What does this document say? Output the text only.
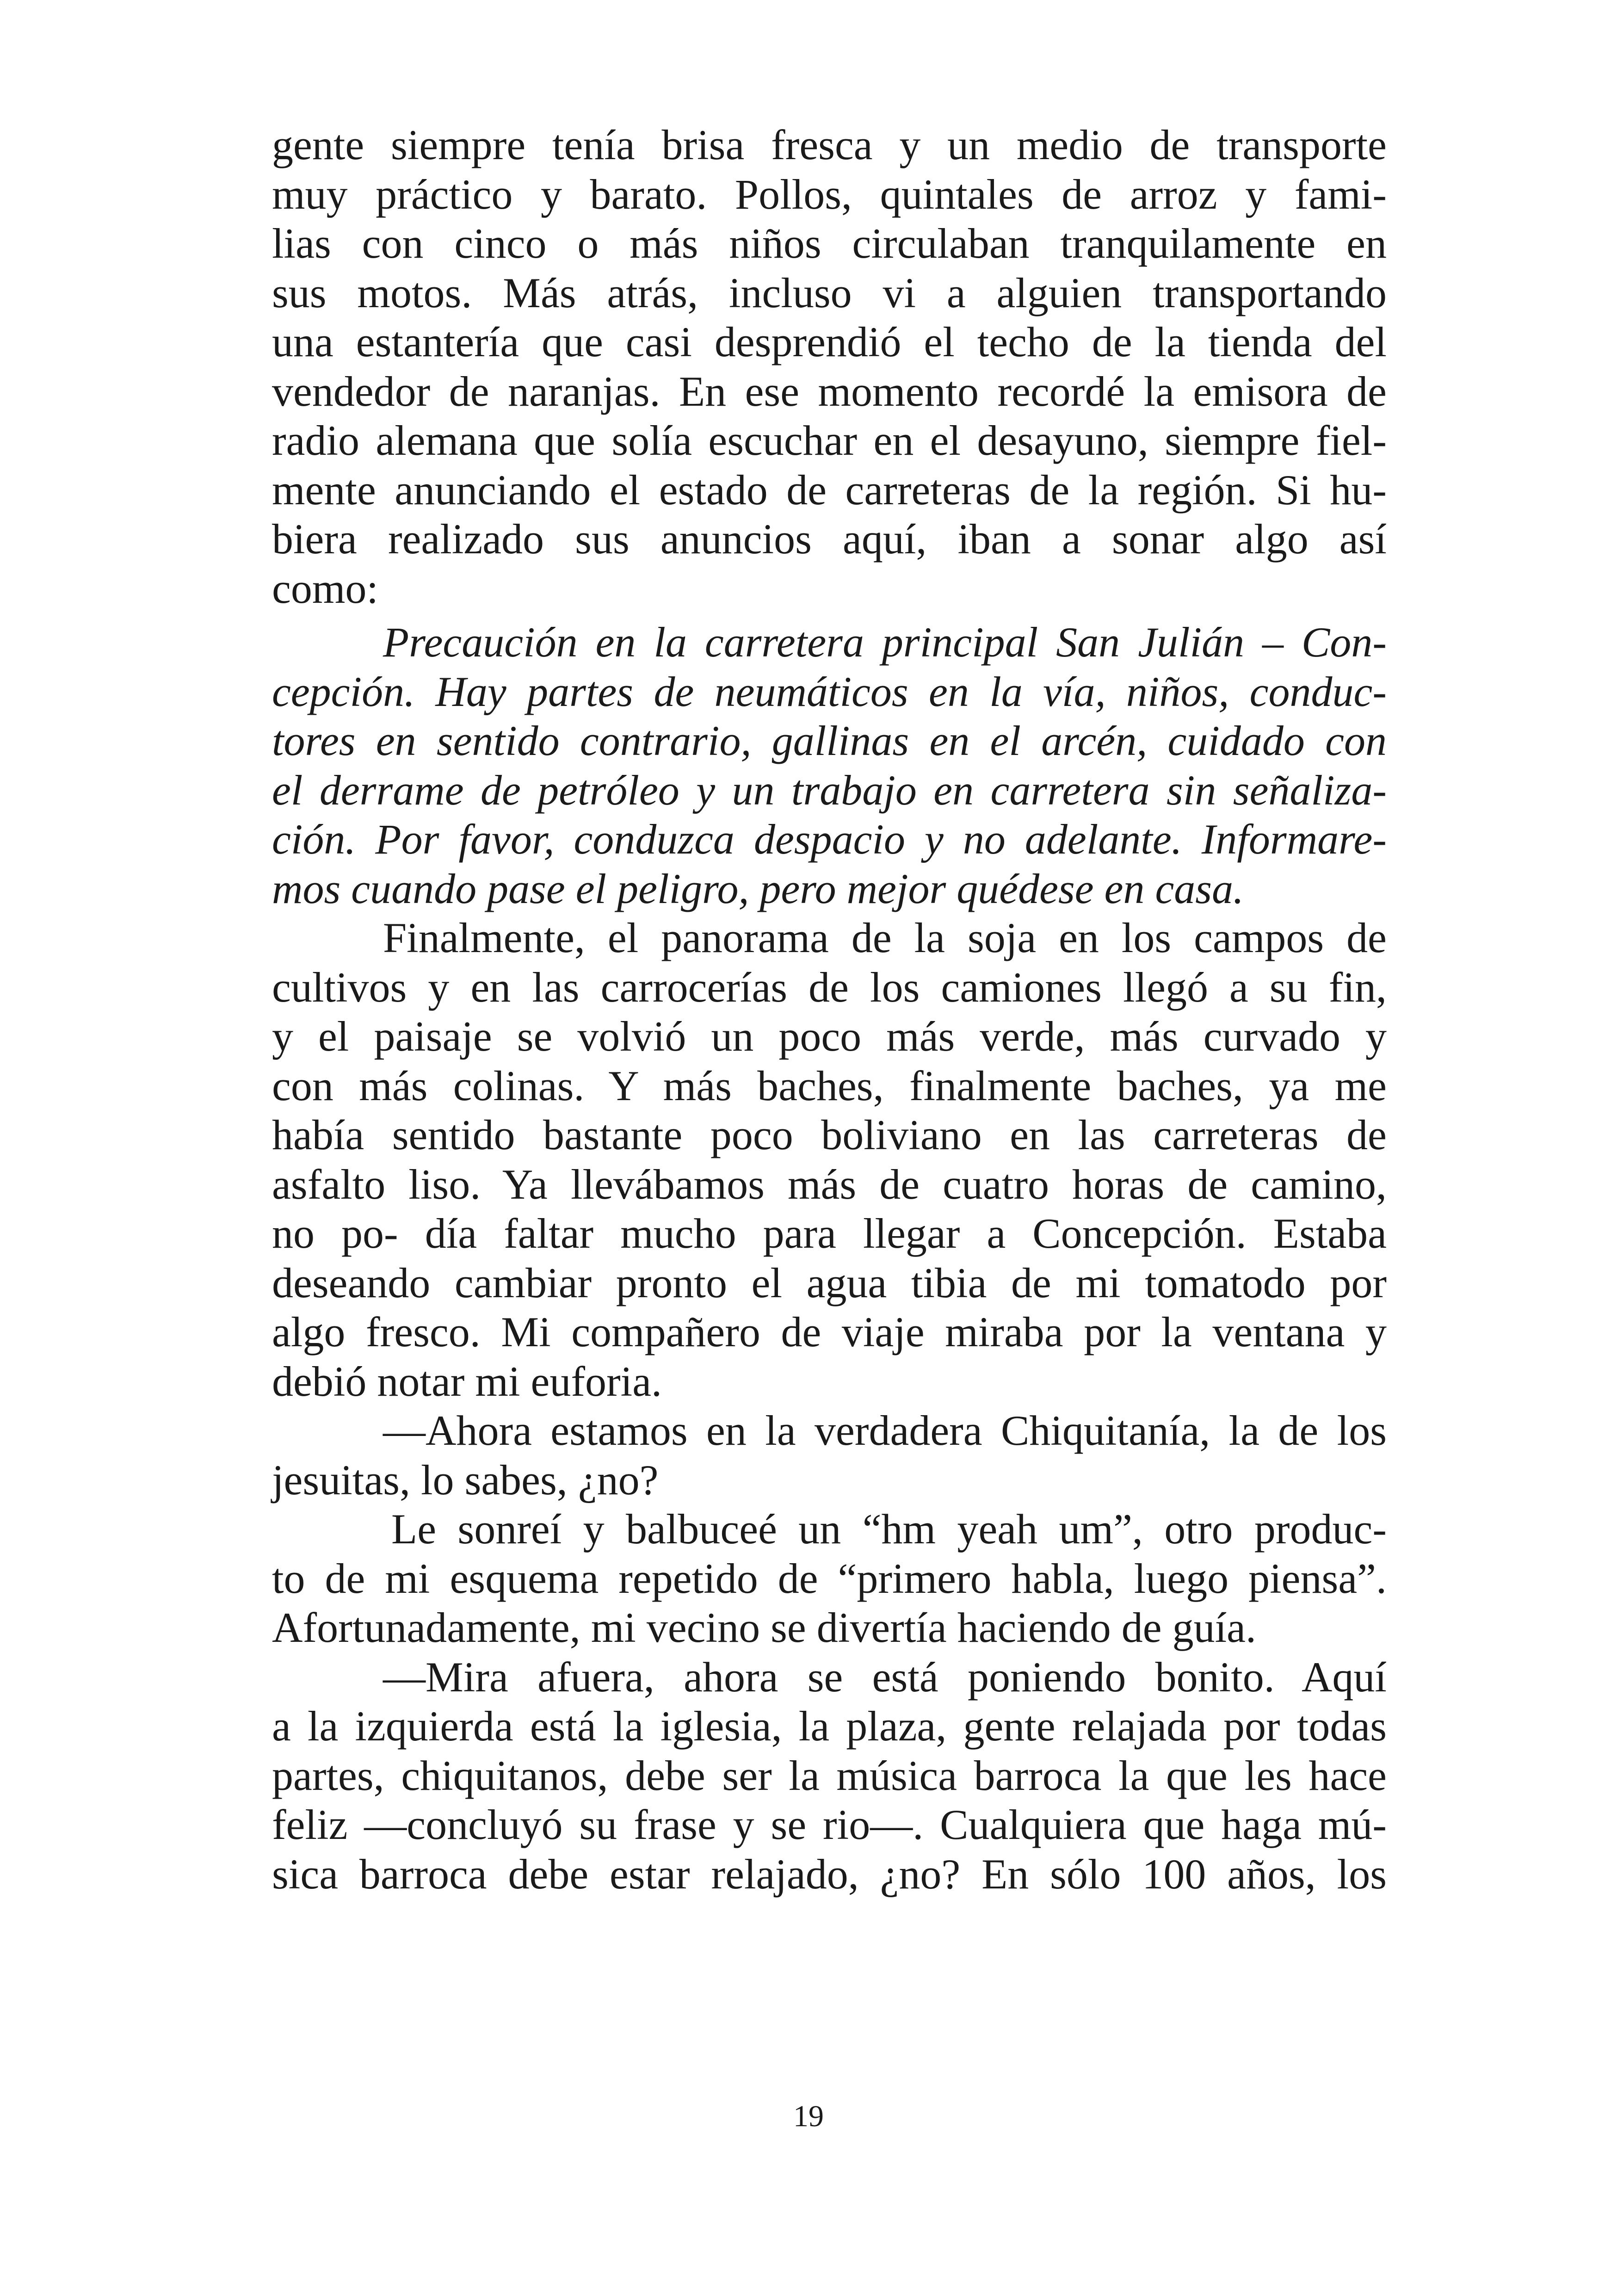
gente siempre tenía brisa fresca y un medio de transporte
muy práctico y barato. Pollos, quintales de arroz y fami-
lias con cinco o más niños circulaban tranquilamente en
sus motos. Más atrás, incluso vi a alguien transportando
una estantería que casi desprendió el techo de la tienda del
vendedor de naranjas. En ese momento recordé la emisora de
radio alemana que solía escuchar en el desayuno, siempre fiel-
mente anunciando el estado de carreteras de la región. Si hu-
biera realizado sus anuncios aquí, iban a sonar algo así
como:
Precaución en la carretera principal San Julián – Con-
cepción. Hay partes de neumáticos en la vía, niños, conduc-
tores en sentido contrario, gallinas en el arcén, cuidado con
el derrame de petróleo y un trabajo en carretera sin señaliza-
ción. Por favor, conduzca despacio y no adelante. Informare-
mos cuando pase el peligro, pero mejor quédese en casa.
Finalmente, el panorama de la soja en los campos de
cultivos y en las carrocerías de los camiones llegó a su fin,
y el paisaje se volvió un poco más verde, más curvado y
con más colinas. Y más baches, finalmente baches, ya me
había sentido bastante poco boliviano en las carreteras de
asfalto liso. Ya llevábamos más de cuatro horas de camino,
no po- día faltar mucho para llegar a Concepción. Estaba
deseando cambiar pronto el agua tibia de mi tomatodo por
algo fresco. Mi compañero de viaje miraba por la ventana y
debió notar mi euforia.
—Ahora estamos en la verdadera Chiquitanía, la de los
jesuitas, lo sabes, ¿no?
Le sonreí y balbuceé un “hm yeah um”, otro produc-
to de mi esquema repetido de “primero habla, luego piensa”.
Afortunadamente, mi vecino se divertía haciendo de guía.
—Mira afuera, ahora se está poniendo bonito. Aquí
a la izquierda está la iglesia, la plaza, gente relajada por todas
partes, chiquitanos, debe ser la música barroca la que les hace
feliz —concluyó su frase y se rio—. Cualquiera que haga mú-
sica barroca debe estar relajado, ¿no? En sólo 100 años, los
19
